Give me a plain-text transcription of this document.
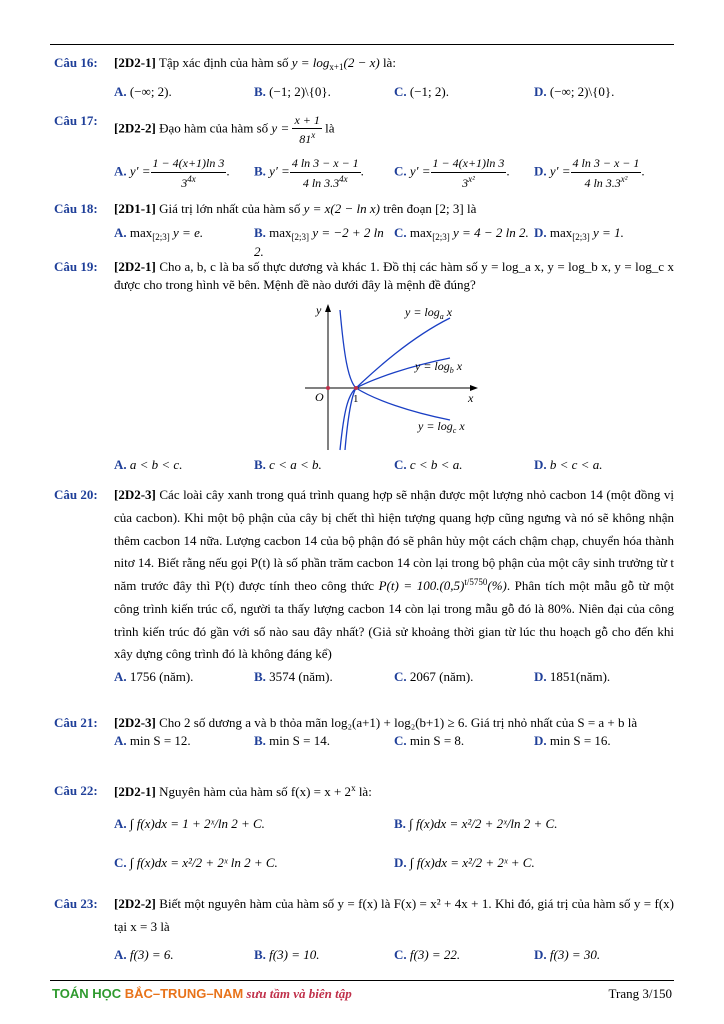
Câu 16:	[2D2-1] Tập xác định của hàm số $y = \log_{x+1}(2 - x)$ là:
A. (−∞; 2).	B. (−1; 2)\{0}.	C. (−1; 2).	D. (−∞; 2)\{0}.
Câu 17:
[2D2-2] Đạo hàm của hàm số $y = \frac{x + 1}{81^x}$ là
A. $y' = \frac{1 - 4(x+1)\ln 3}{3^{4x}}$ .	B. $y' = \frac{4 \ln 3 - x - 1}{4 \ln 3.3^{4x}}$ .	C. $y' = \frac{1 - 4(x+1)\ln 3}{3^{x^2}}$ .	D. $y' = \frac{4 \ln 3 - x - 1}{4 \ln 3.3^{x^2}}$ .
Câu 18:	[2D1-1] Giá trị lớn nhất của hàm số y = x(2 − ln x) trên đoạn [2; 3] là
A. $\max_{[2;3]} y = e$.	B. $\max_{[2;3]} y = -2 + 2$ ln 2.
C. $\max_{[2;3]} y = 4 - 2$ ln 2. D. $\max_{[2;3]} y = 1$.
Câu 19:	[2D2-1] Cho a, b, c là ba số thực dương và khác 1. Đồ thị các hàm số y = log_a x, y = log_b x, y = log_c x được cho trong hình vẽ bên. Mệnh đề nào dưới đây là mệnh đề đúng?
y
x
O	1
$y = \log_a x$
$y = \log_b x$
$y = \log_c x$
A. a < b < c.	B. c < a < b.	C. c < b < a.	D. b < c < a.
Câu 20:	[2D2-3] Các loài cây xanh trong quá trình quang hợp sẽ nhận được một lượng nhỏ cacbon 14 (một đồng vị của cacbon). Khi một bộ phận của cây bị chết thì hiện tượng quang hợp cũng ngưng và nó sẽ không nhận thêm cacbon 14 nữa. Lượng cacbon 14 của bộ phận đó sẽ phân hủy một cách chậm chạp, chuyển hóa thành nitơ 14. Biết rằng nếu gọi P(t) là số phần trăm cacbon 14 còn lại trong bộ phận của một cây sinh trưởng từ t năm trước đây thì P(t) được tính theo công thức $P(t) = 100.(0,5)^{t/5750}(\%)$. Phân tích một mẫu gỗ từ một công trình kiến trúc cổ, người ta thấy lượng cacbon 14 còn lại trong mẫu gỗ đó là 80%. Niên đại của công trình kiến trúc đó gần với số nào sau đây nhất? (Giả sử khoảng thời gian từ lúc thu hoạch gỗ cho đến khi xây dựng công trình đó là không đáng kể)
A. 1756 (năm).	B. 3574 (năm).	C. 2067 (năm).	D. 1851(năm).
Câu 21:	[2D2-3] Cho 2 số dương a và b thỏa mãn log₂(a+1) + log₂(b+1) ≥ 6. Giá trị nhỏ nhất của S = a + b là
A. min S = 12.	B. min S = 14.	C. min S = 8.	D. min S = 16.
Câu 22:	[2D2-1] Nguyên hàm của hàm số $f(x) = x + 2^x$ là:
A. ∫ f(x)dx = 1 + 2ˣ/ln 2 + C.	B. ∫ f(x)dx = x²/2 + 2ˣ/ln 2 + C.
C. ∫ f(x)dx = x²/2 + 2ˣ ln 2 + C.	D. ∫ f(x)dx = x²/2 + 2ˣ + C.
Câu 23:	[2D2-2] Biết một nguyên hàm của hàm số y = f(x) là F(x) = x² + 4x + 1. Khi đó, giá trị của hàm số y = f(x) tại x = 3 là
A. f(3) = 6.	B. f(3) = 10.	C. f(3) = 22.	D. f(3) = 30.
TOÁN HỌC BẮC–TRUNG–NAM sưu tầm và biên tập	Trang 3/150
